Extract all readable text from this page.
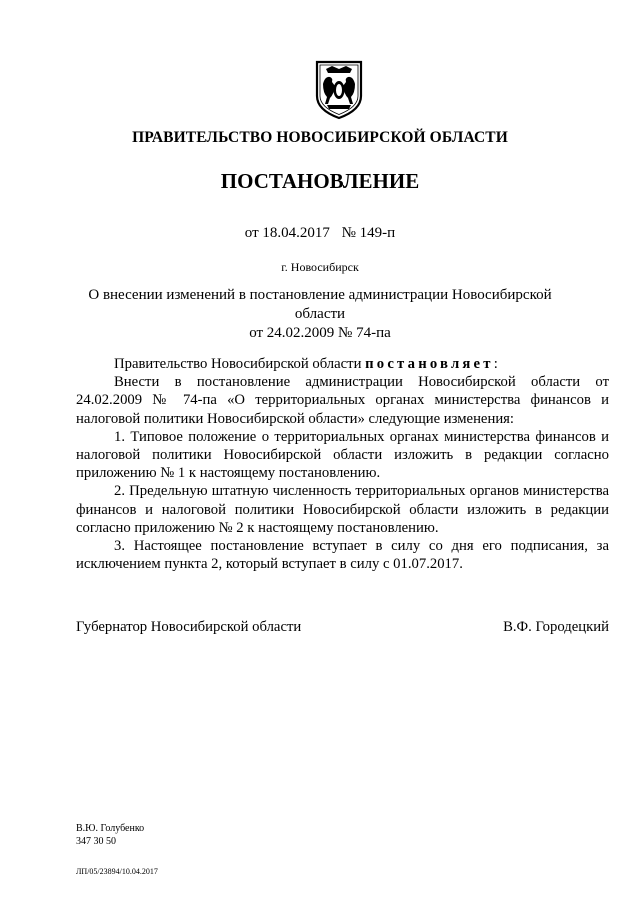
ПРАВИТЕЛЬСТВО НОВОСИБИРСКОЙ ОБЛАСТИ
ПОСТАНОВЛЕНИЕ
от 18.04.2017 № 149-п
г. Новосибирск
О внесении изменений в постановление администрации Новосибирской области
от 24.02.2009 № 74-па

Правительство Новосибирской области постановляет:

Внести в постановление администрации Новосибирской области от 24.02.2009 № 74-па «О территориальных органах министерства финансов и налоговой политики Новосибирской области» следующие изменения:

1. Типовое положение о территориальных органах министерства финансов и налоговой политики Новосибирской области изложить в редакции согласно приложению № 1 к настоящему постановлению.

2. Предельную штатную численность территориальных органов министерства финансов и налоговой политики Новосибирской области изложить в редакции согласно приложению № 2 к настоящему постановлению.

3. Настоящее постановление вступает в силу со дня его подписания, за исключением пункта 2, который вступает в силу с 01.07.2017.

Губернатор Новосибирской области	В.Ф. Городецкий
В.Ю. Голубенко
347 30 50
ЛП/05/23894/10.04.2017
